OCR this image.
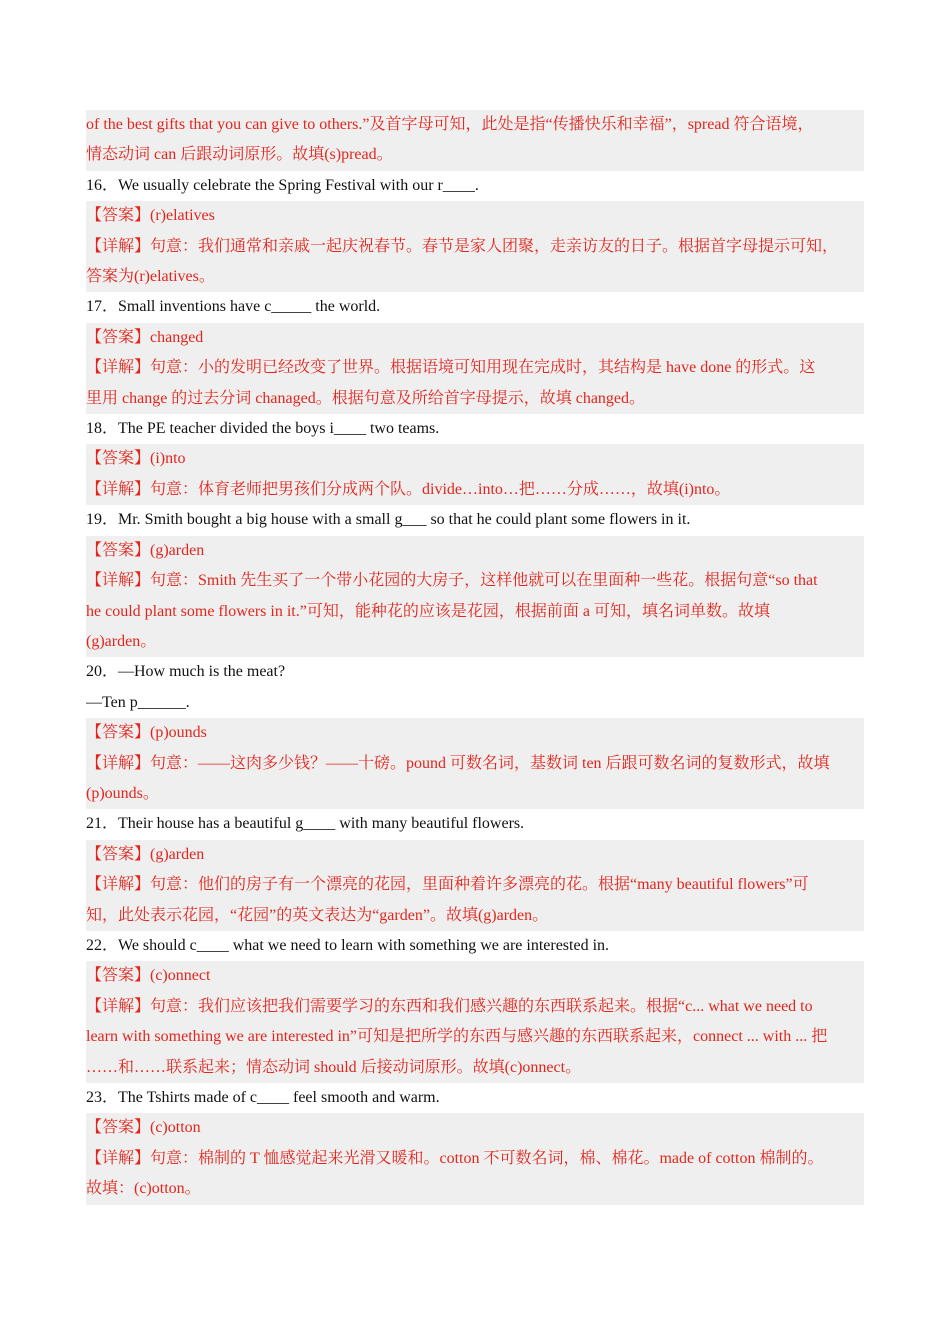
of the best gifts that you can give to others.”及首字母可知，此处是指“传播快乐和幸福”，spread 符合语境，
情态动词 can 后跟动词原形。故填(s)pread。
16．We usually celebrate the Spring Festival with our r____.
【答案】(r)elatives
【详解】句意：我们通常和亲戚一起庆祝春节。春节是家人团聚，走亲访友的日子。根据首字母提示可知，
答案为(r)elatives。
17．Small inventions have c_____ the world.
【答案】changed
【详解】句意：小的发明已经改变了世界。根据语境可知用现在完成时，其结构是 have done 的形式。这
里用 change 的过去分词 chanaged。根据句意及所给首字母提示，故填 changed。
18．The PE teacher divided the boys i____ two teams.
【答案】(i)nto
【详解】句意：体育老师把男孩们分成两个队。divide…into…把……分成……，故填(i)nto。
19．Mr. Smith bought a big house with a small g___ so that he could plant some flowers in it.
【答案】(g)arden
【详解】句意：Smith 先生买了一个带小花园的大房子，这样他就可以在里面种一些花。根据句意“so that
he could plant some flowers in it.”可知，能种花的应该是花园，根据前面 a 可知，填名词单数。故填
(g)arden。
20．—How much is the meat?
—Ten p______.
【答案】(p)ounds
【详解】句意：——这肉多少钱？——十磅。pound 可数名词，基数词 ten 后跟可数名词的复数形式，故填
(p)ounds。
21．Their house has a beautiful g____ with many beautiful flowers.
【答案】(g)arden
【详解】句意：他们的房子有一个漂亮的花园，里面种着许多漂亮的花。根据“many beautiful flowers”可
知，此处表示花园，“花园”的英文表达为“garden”。故填(g)arden。
22．We should c____ what we need to learn with something we are interested in.
【答案】(c)onnect
【详解】句意：我们应该把我们需要学习的东西和我们感兴趣的东西联系起来。根据“c... what we need to
learn with something we are interested in”可知是把所学的东西与感兴趣的东西联系起来，connect ... with ... 把
……和……联系起来；情态动词 should 后接动词原形。故填(c)onnect。
23．The Tshirts made of c____ feel smooth and warm.
【答案】(c)otton
【详解】句意：棉制的 T 恤感觉起来光滑又暖和。cotton 不可数名词，棉、棉花。made of cotton 棉制的。
故填：(c)otton。
